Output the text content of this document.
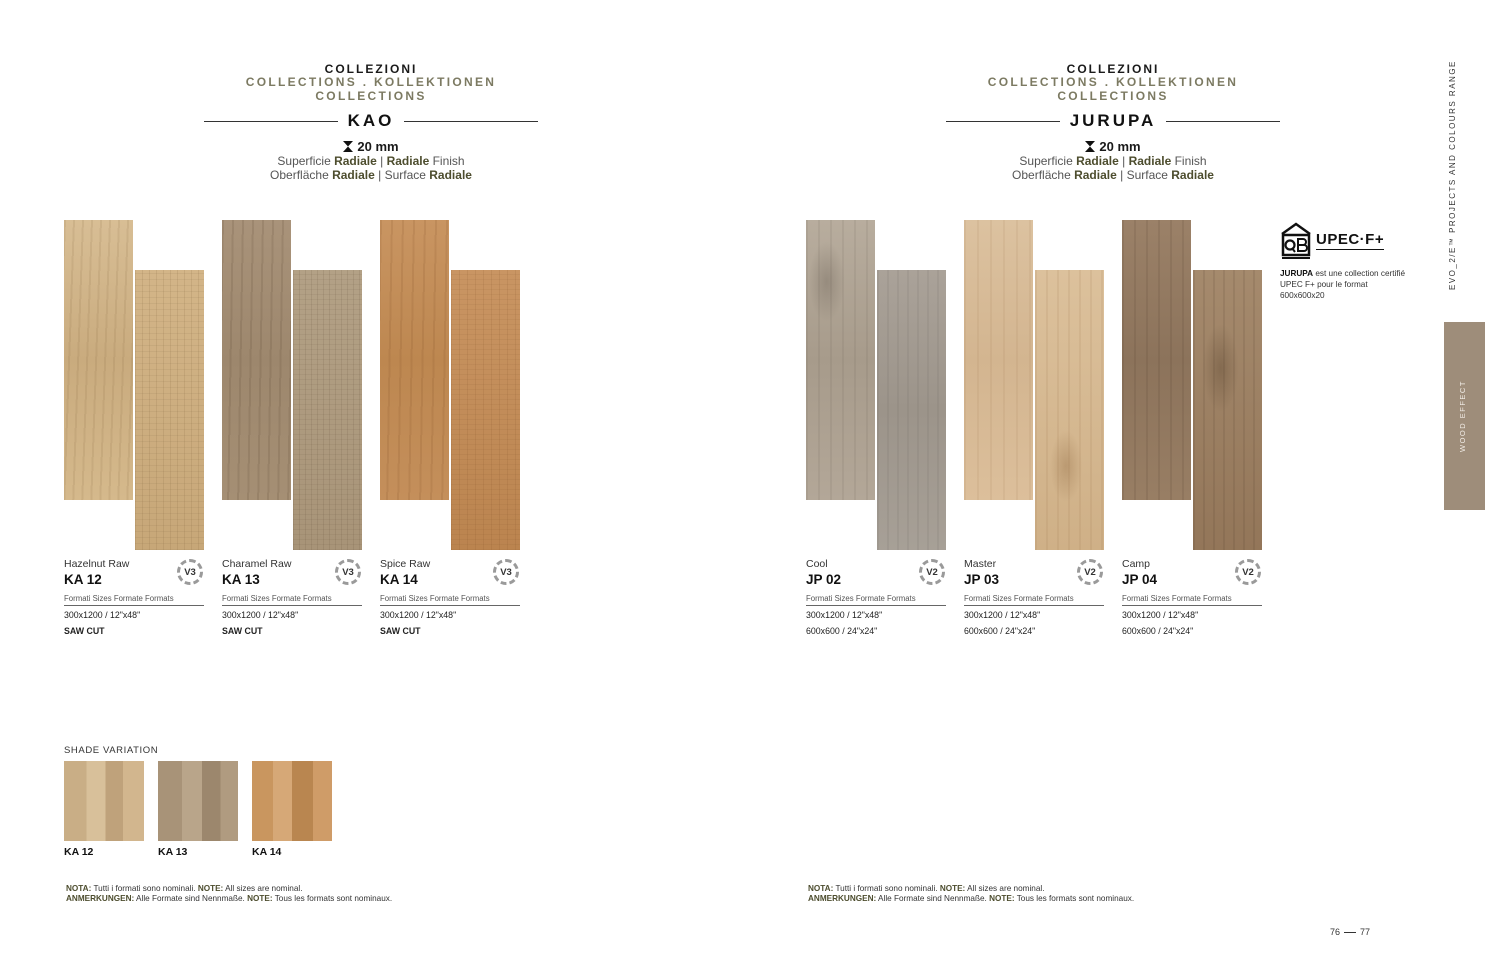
COLLEZIONI
COLLECTIONS . KOLLEKTIONEN
COLLECTIONS
KAO
20 mm
Superficie Radiale | Radiale Finish
Oberfläche Radiale | Surface Radiale
Hazelnut Raw
KA 12	V3
Formati Sizes Formate Formats
300x1200 / 12"x48"
SAW CUT
Charamel Raw
KA 13	V3
Formati Sizes Formate Formats
300x1200 / 12"x48"
SAW CUT
Spice Raw
KA 14	V3
Formati Sizes Formate Formats
300x1200 / 12"x48"
SAW CUT
SHADE VARIATION
KA 12	KA 13	KA 14
NOTA: Tutti i formati sono nominali. NOTE: All sizes are nominal.
ANMERKUNGEN: Alle Formate sind Nennmaße. NOTE: Tous les formats sont nominaux.
COLLEZIONI
COLLECTIONS . KOLLEKTIONEN
COLLECTIONS
JURUPA
20 mm
Superficie Radiale | Radiale Finish
Oberfläche Radiale | Surface Radiale
Cool
JP 02	V2
Formati Sizes Formate Formats
300x1200 / 12"x48"
600x600 / 24"x24"
Master
JP 03	V2
Formati Sizes Formate Formats
300x1200 / 12"x48"
600x600 / 24"x24"
Camp
JP 04	V2
Formati Sizes Formate Formats
300x1200 / 12"x48"
600x600 / 24"x24"
UPEC·F+
JURUPA est une collection certifié UPEC F+ pour le format 600x600x20
NOTA: Tutti i formati sono nominali. NOTE: All sizes are nominal.
ANMERKUNGEN: Alle Formate sind Nennmaße. NOTE: Tous les formats sont nominaux.
EVO_2/E™ PROJECTS AND COLOURS RANGE
WOOD EFFECT
76 77
